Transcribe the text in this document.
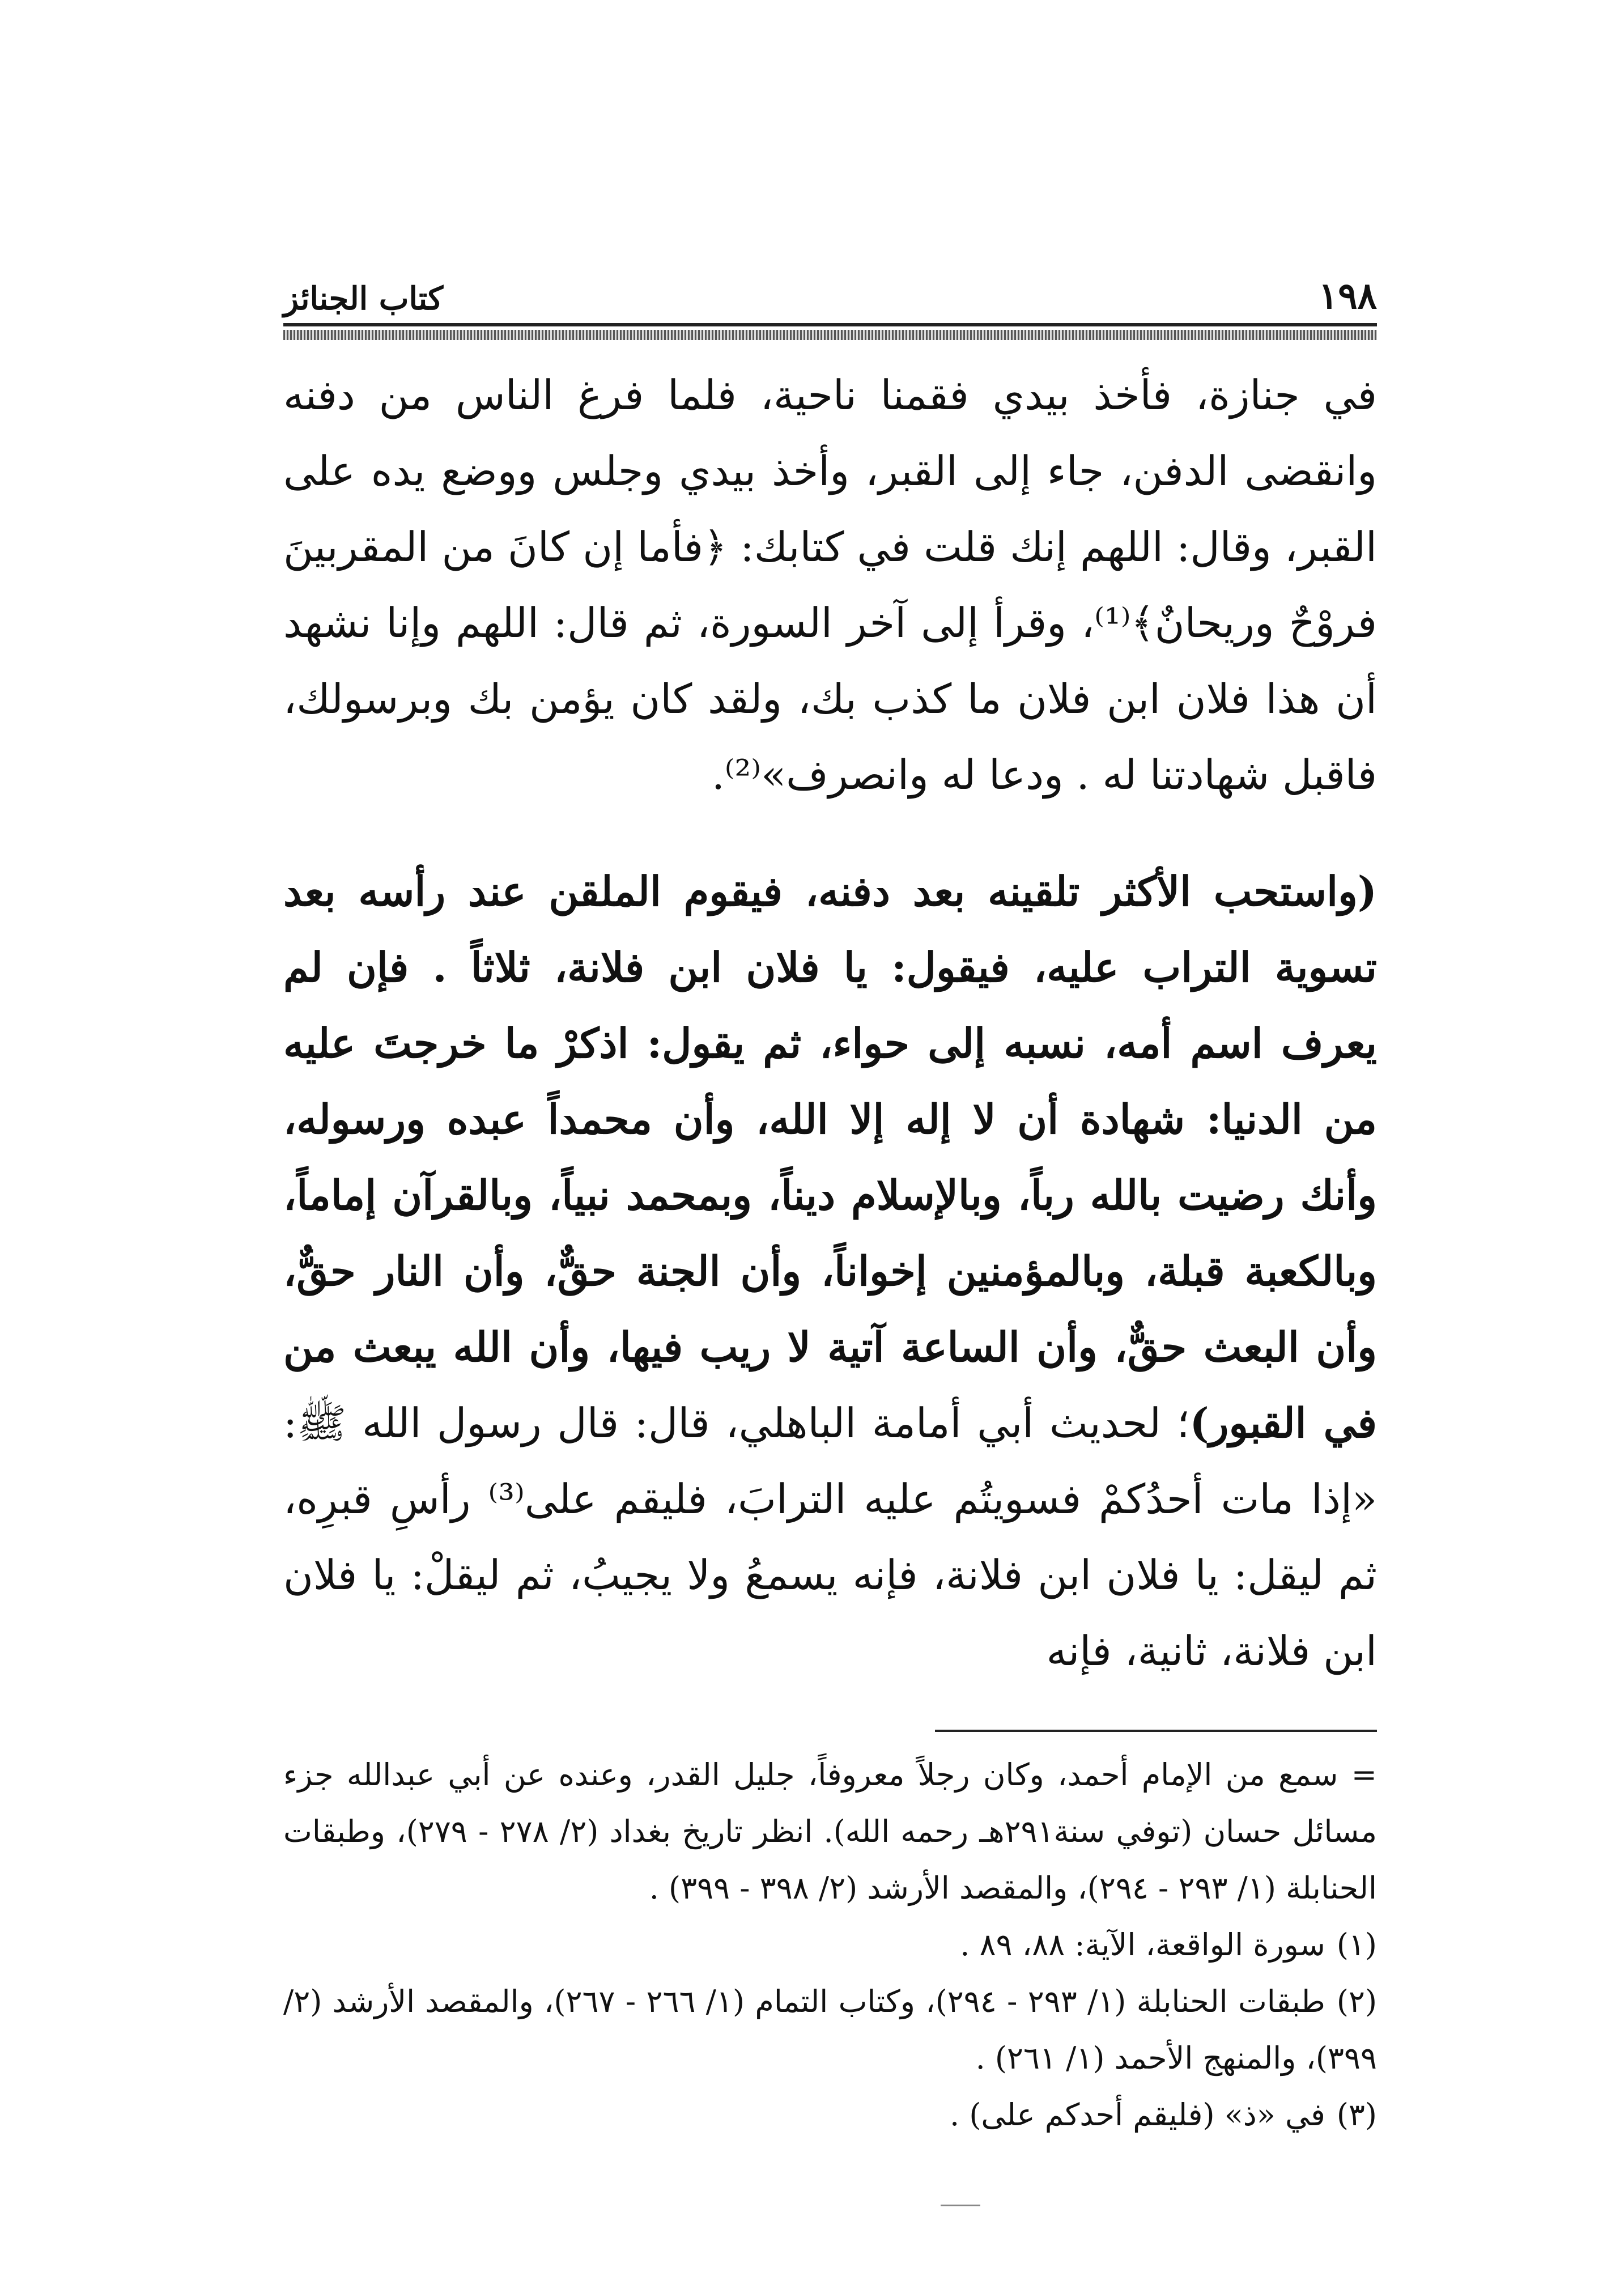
١٩٨
كتاب الجنائز

في جنازة، فأخذ بيدي فقمنا ناحية، فلما فرغ الناس من دفنه وانقضى الدفن، جاء إلى القبر، وأخذ بيدي وجلس ووضع يده على القبر، وقال: اللهم إنك قلت في كتابك: ﴿فأما إن كانَ من المقربينَ فروْحٌ وريحانٌ﴾⁽¹⁾، وقرأ إلى آخر السورة، ثم قال: اللهم وإنا نشهد أن هذا فلان ابن فلان ما كذب بك، ولقد كان يؤمن بك وبرسولك، فاقبل شهادتنا له . ودعا له وانصرف»⁽²⁾.

(واستحب الأكثر تلقينه بعد دفنه، فيقوم الملقن عند رأسه بعد تسوية التراب عليه، فيقول: يا فلان ابن فلانة، ثلاثاً . فإن لم يعرف اسم أمه، نسبه إلى حواء، ثم يقول: اذكرْ ما خرجتَ عليه من الدنيا: شهادة أن لا إله إلا الله، وأن محمداً عبده ورسوله، وأنك رضيت بالله رباً، وبالإسلام ديناً، وبمحمد نبياً، وبالقرآن إماماً، وبالكعبة قبلة، وبالمؤمنين إخواناً، وأن الجنة حقٌّ، وأن النار حقٌّ، وأن البعث حقٌّ، وأن الساعة آتية لا ريب فيها، وأن الله يبعث من في القبور)؛ لحديث أبي أمامة الباهلي، قال: قال رسول الله ﷺ: «إذا مات أحدُكمْ فسويتُم عليه الترابَ، فليقم على⁽³⁾ رأسِ قبرِه، ثم ليقل: يا فلان ابن فلانة، فإنه يسمعُ ولا يجيبُ، ثم ليقلْ: يا فلان ابن فلانة، ثانية، فإنه

= سمع من الإمام أحمد، وكان رجلاً معروفاً، جليل القدر، وعنده عن أبي عبدالله جزء مسائل حسان (توفي سنة٢٩١هـ رحمه الله). انظر تاريخ بغداد (٢/ ٢٧٨ - ٢٧٩)، وطبقات الحنابلة (١/ ٢٩٣ - ٢٩٤)، والمقصد الأرشد (٢/ ٣٩٨ - ٣٩٩) .
(١)سورة الواقعة، الآية: ٨٨، ٨٩ .
(٢)طبقات الحنابلة (١/ ٢٩٣ - ٢٩٤)، وكتاب التمام (١/ ٢٦٦ - ٢٦٧)، والمقصد الأرشد (٢/ ٣٩٩)، والمنهج الأحمد (١/ ٢٦١) .
(٣)في «ذ» (فليقم أحدكم على) .
